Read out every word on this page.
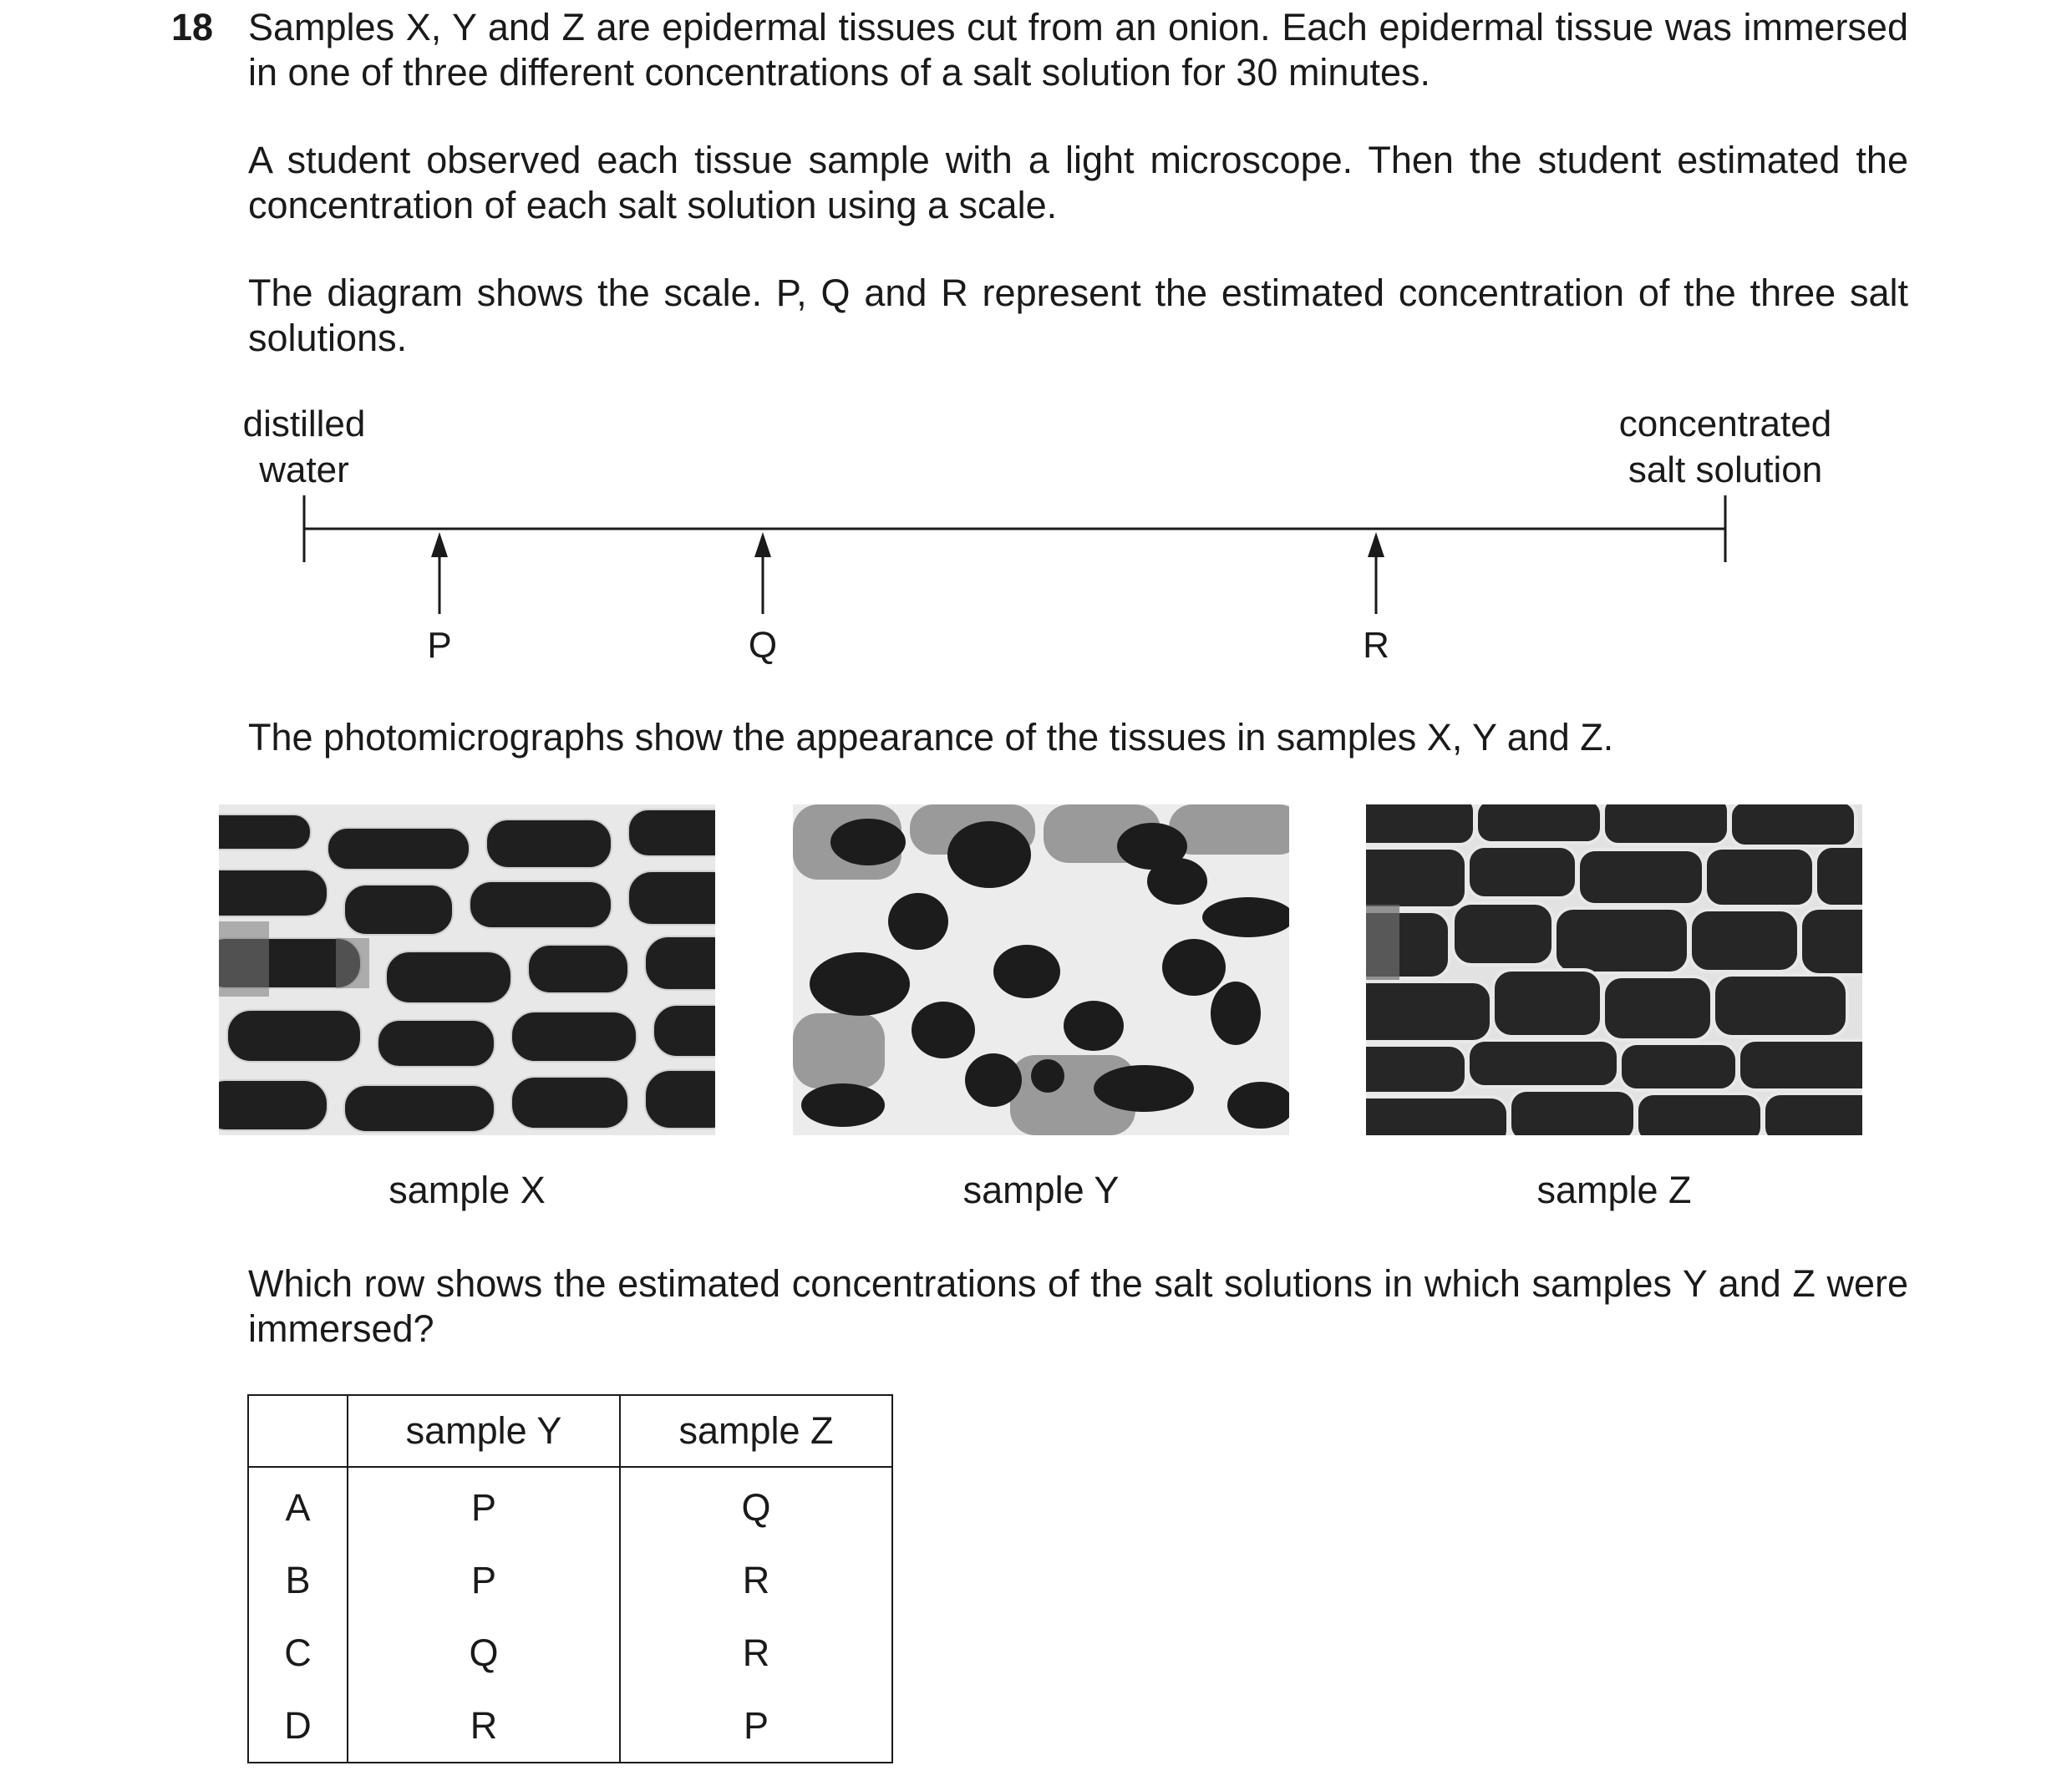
18 Samples X, Y and Z are epidermal tissues cut from an onion. Each epidermal tissue was immersed in one of three different concentrations of a salt solution for 30 minutes.

A student observed each tissue sample with a light microscope. Then the student estimated the concentration of each salt solution using a scale.

The diagram shows the scale. P, Q and R represent the estimated concentration of the three salt solutions.

distilled
water
concentrated
salt solution
P	Q	R

The photomicrographs show the appearance of the tissues in samples X, Y and Z.

sample X	sample Y	sample Z

Which row shows the estimated concentrations of the salt solutions in which samples Y and Z were immersed?

	sample Y	sample Z
A	P	Q
B	P	R
C	Q	R
D	R	P
